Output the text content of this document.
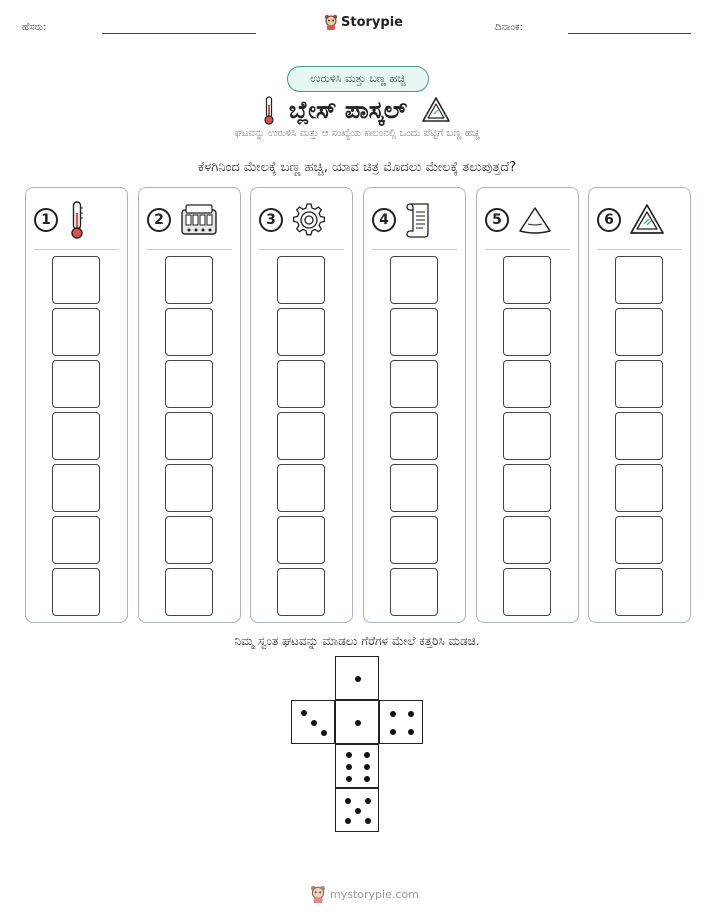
ಹೆಸರು:	Storypie	ದಿನಾಂಕ:
ಉರುಳಿಸಿ ಮತ್ತು ಬಣ್ಣ ಹಚ್ಚಿ
ಬ್ಲೇಸ್ ಪಾಸ್ಕಲ್
ಘಟವನ್ನು ಉರುಳಿಸಿ ಮತ್ತು ಆ ಸಂಖ್ಯೆಯ ಕಾಲಂನಲ್ಲಿ ಒಂದು ಪೆಟ್ಟಿಗೆ ಬಣ್ಣ ಹಚ್ಚಿ
ಕೆಳಗಿನಿಂದ ಮೇಲಕ್ಕೆ ಬಣ್ಣ ಹಚ್ಚಿ, ಯಾವ ಚಿತ್ರ ಮೊದಲು ಮೇಲಕ್ಕೆ ತಲುಪುತ್ತದೆ?
1	2	3	4	5	6
ನಿಮ್ಮ ಸ್ವಂತ ಘಟವನ್ನು ಮಾಡಲು ಗೆರೆಗಳ ಮೇಲೆ ಕತ್ತರಿಸಿ ಮಡಚಿ.
mystorypie.com
